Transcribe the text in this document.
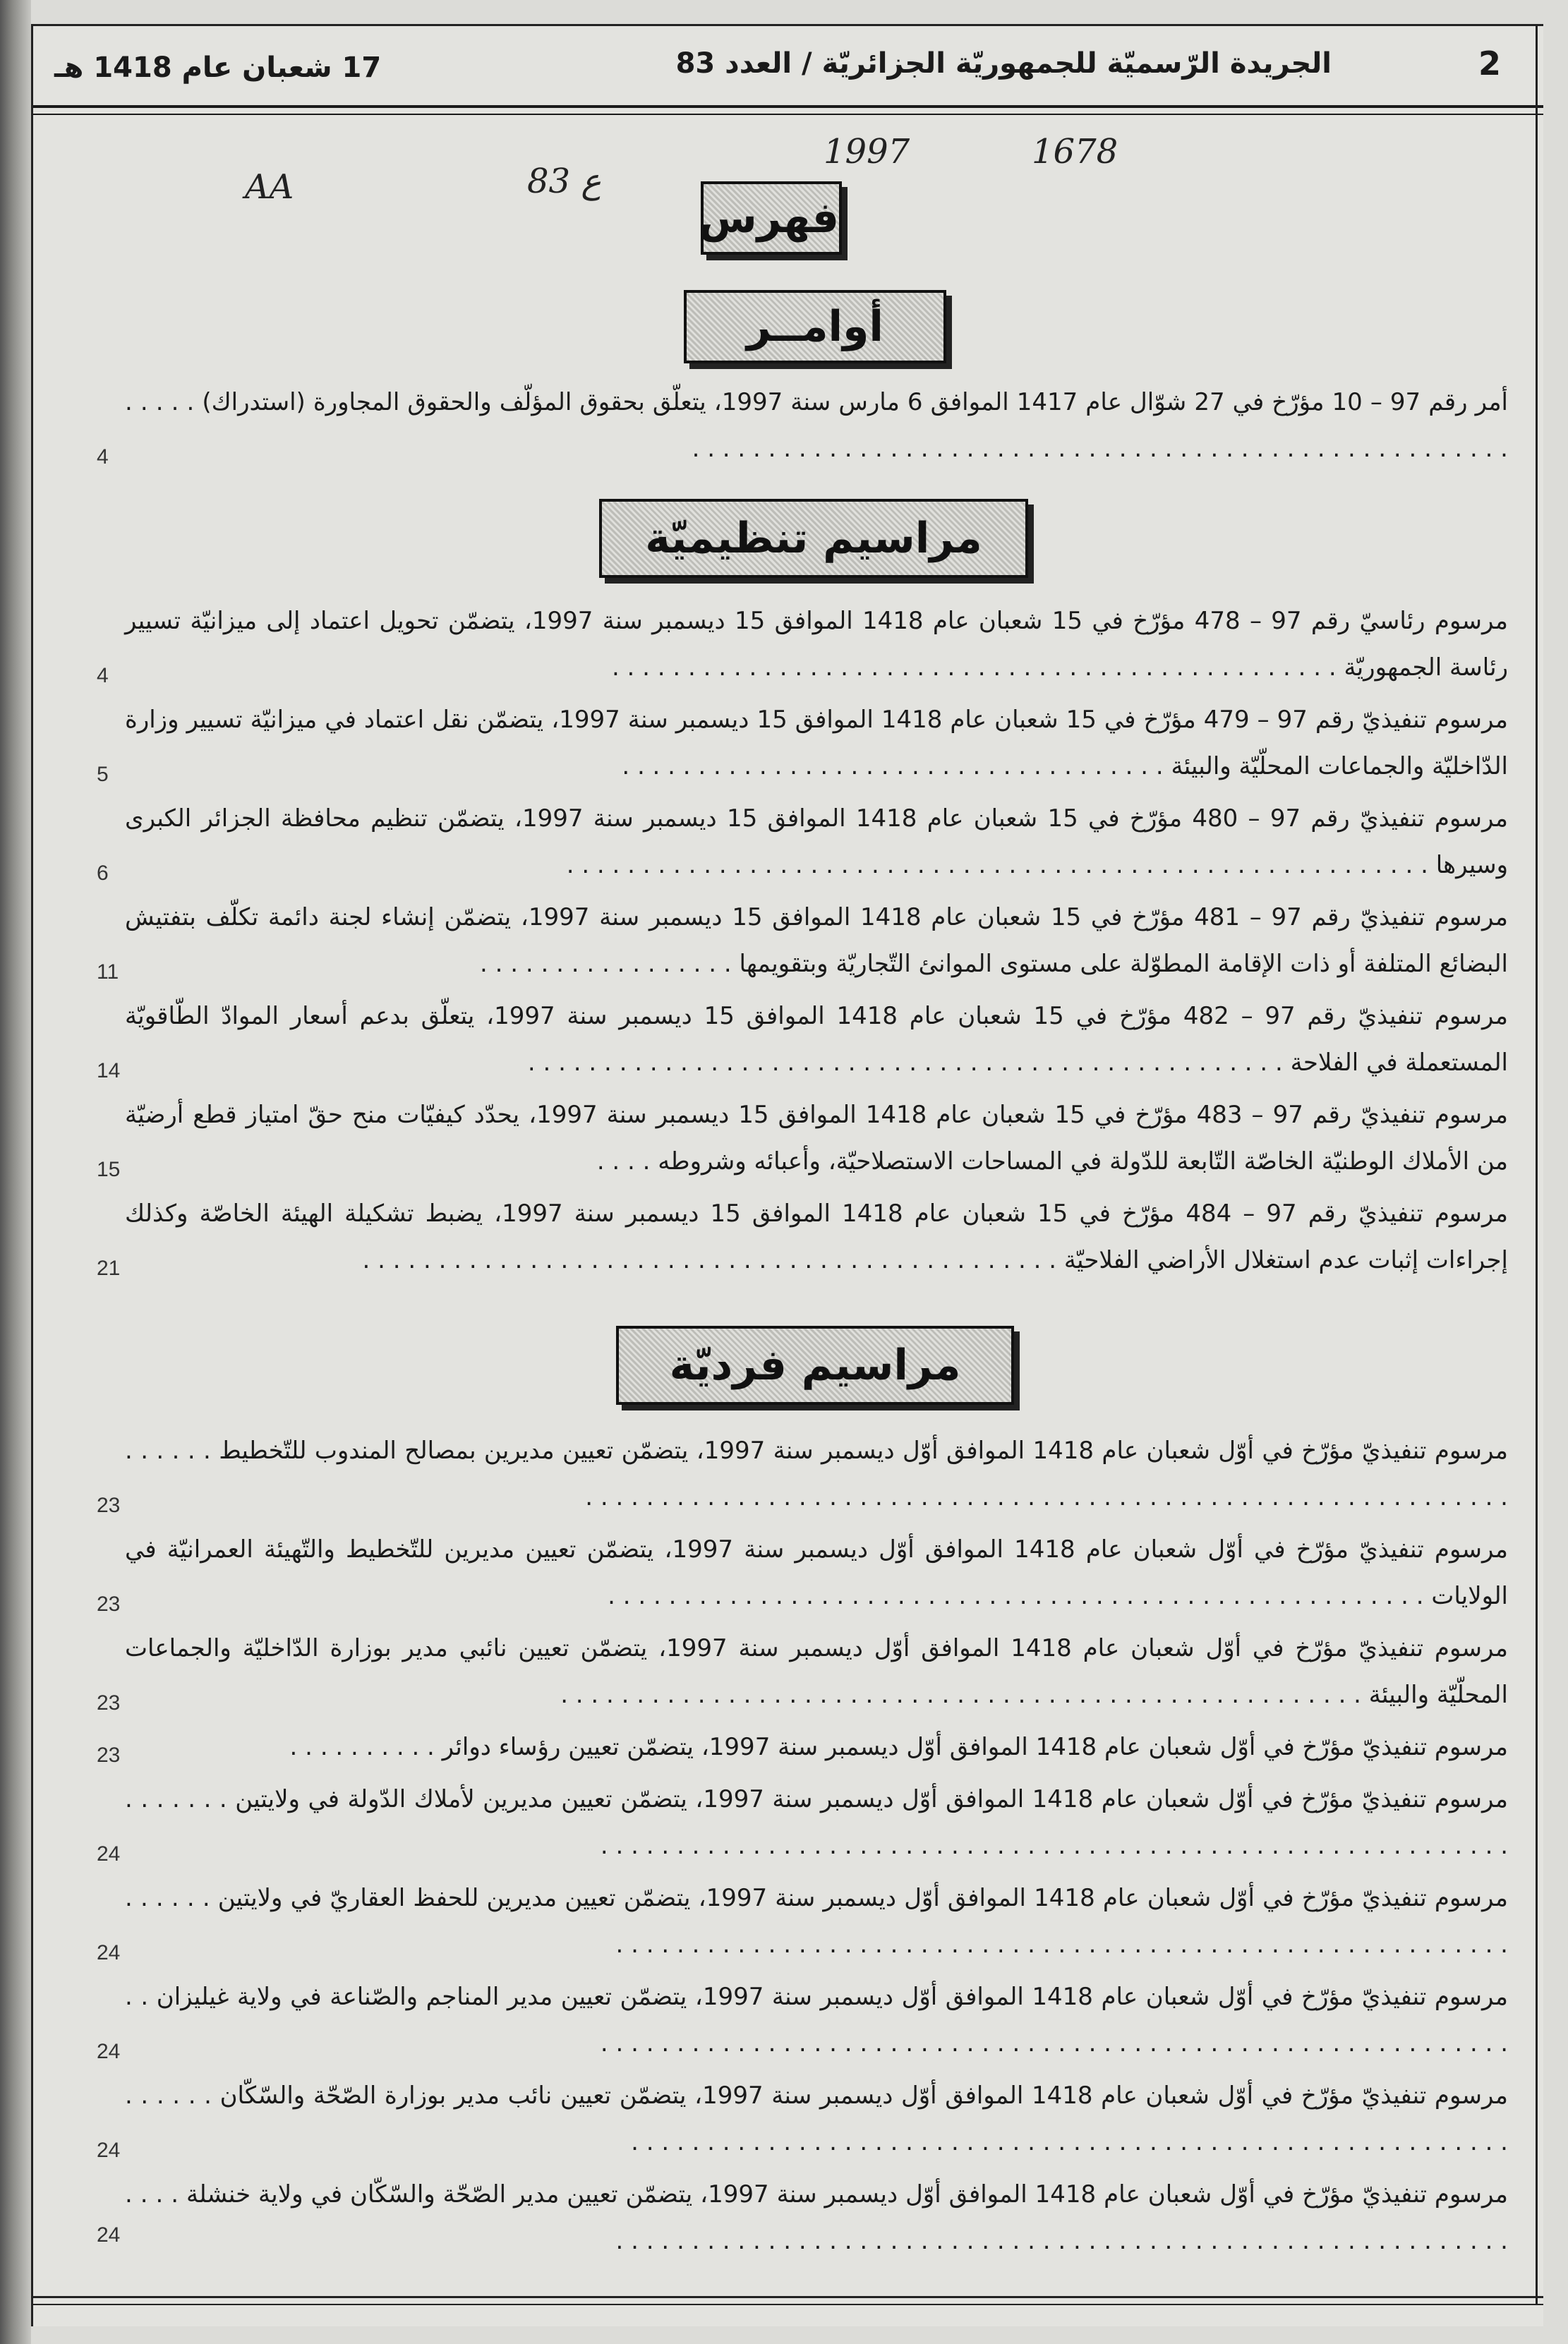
2
الجريدة الرّسميّة للجمهوريّة الجزائريّة / العدد 83
17 شعبان عام 1418 هـ
1678
1997
83 ع
AA
فهرس
أوامــر
مراسيم تنظيميّة
مراسيم فرديّة

أمر رقم 97 – 10 مؤرّخ في 27 شوّال عام 1417 الموافق 6 مارس سنة 1997، يتعلّق بحقوق المؤلّف والحقوق المجاورة (استدراك) . . . . . . . . . . . . . . . . . . . . . . . . . . . . . . . . . . . . . . . . . . . . . . . . . . . . . . . . . . .

4

مرسوم رئاسيّ رقم 97 – 478 مؤرّخ في 15 شعبان عام 1418 الموافق 15 ديسمبر سنة 1997، يتضمّن تحويل اعتماد إلى ميزانيّة تسيير رئاسة الجمهوريّة . . . . . . . . . . . . . . . . . . . . . . . . . . . . . . . . . . . . . . . . . . . . . . . .

4

مرسوم تنفيذيّ رقم 97 – 479 مؤرّخ في 15 شعبان عام 1418 الموافق 15 ديسمبر سنة 1997، يتضمّن نقل اعتماد في ميزانيّة تسيير وزارة الدّاخليّة والجماعات المحلّيّة والبيئة . . . . . . . . . . . . . . . . . . . . . . . . . . . . . . . . . . . .

5

مرسوم تنفيذيّ رقم 97 – 480 مؤرّخ في 15 شعبان عام 1418 الموافق 15 ديسمبر سنة 1997، يتضمّن تنظيم محافظة الجزائر الكبرى وسيرها . . . . . . . . . . . . . . . . . . . . . . . . . . . . . . . . . . . . . . . . . . . . . . . . . . . . . . . . .

6

مرسوم تنفيذيّ رقم 97 – 481 مؤرّخ في 15 شعبان عام 1418 الموافق 15 ديسمبر سنة 1997، يتضمّن إنشاء لجنة دائمة تكلّف بتفتيش البضائع المتلفة أو ذات الإقامة المطوّلة على مستوى الموانئ التّجاريّة وبتقويمها . . . . . . . . . . . . . . . . .

11

مرسوم تنفيذيّ رقم 97 – 482 مؤرّخ في 15 شعبان عام 1418 الموافق 15 ديسمبر سنة 1997، يتعلّق بدعم أسعار الموادّ الطّاقويّة المستعملة في الفلاحة . . . . . . . . . . . . . . . . . . . . . . . . . . . . . . . . . . . . . . . . . . . . . . . . . .

14

مرسوم تنفيذيّ رقم 97 – 483 مؤرّخ في 15 شعبان عام 1418 الموافق 15 ديسمبر سنة 1997، يحدّد كيفيّات منح حقّ امتياز قطع أرضيّة من الأملاك الوطنيّة الخاصّة التّابعة للدّولة في المساحات الاستصلاحيّة، وأعبائه وشروطه . . . .

15

مرسوم تنفيذيّ رقم 97 – 484 مؤرّخ في 15 شعبان عام 1418 الموافق 15 ديسمبر سنة 1997، يضبط تشكيلة الهيئة الخاصّة وكذلك إجراءات إثبات عدم استغلال الأراضي الفلاحيّة . . . . . . . . . . . . . . . . . . . . . . . . . . . . . . . . . . . . . . . . . . . . . .

21

مرسوم تنفيذيّ مؤرّخ في أوّل شعبان عام 1418 الموافق أوّل ديسمبر سنة 1997، يتضمّن تعيين مديرين بمصالح المندوب للتّخطيط . . . . . . . . . . . . . . . . . . . . . . . . . . . . . . . . . . . . . . . . . . . . . . . . . . . . . . . . . . . . . . . . . . .

23

مرسوم تنفيذيّ مؤرّخ في أوّل شعبان عام 1418 الموافق أوّل ديسمبر سنة 1997، يتضمّن تعيين مديرين للتّخطيط والتّهيئة العمرانيّة في الولايات . . . . . . . . . . . . . . . . . . . . . . . . . . . . . . . . . . . . . . . . . . . . . . . . . . . . . .

23

مرسوم تنفيذيّ مؤرّخ في أوّل شعبان عام 1418 الموافق أوّل ديسمبر سنة 1997، يتضمّن تعيين نائبي مدير بوزارة الدّاخليّة والجماعات المحلّيّة والبيئة . . . . . . . . . . . . . . . . . . . . . . . . . . . . . . . . . . . . . . . . . . . . . . . . . . . . .

23

مرسوم تنفيذيّ مؤرّخ في أوّل شعبان عام 1418 الموافق أوّل ديسمبر سنة 1997، يتضمّن تعيين رؤساء دوائر . . . . . . . . . .

23

مرسوم تنفيذيّ مؤرّخ في أوّل شعبان عام 1418 الموافق أوّل ديسمبر سنة 1997، يتضمّن تعيين مديرين لأملاك الدّولة في ولايتين . . . . . . . . . . . . . . . . . . . . . . . . . . . . . . . . . . . . . . . . . . . . . . . . . . . . . . . . . . . . . . . . . . .

24

مرسوم تنفيذيّ مؤرّخ في أوّل شعبان عام 1418 الموافق أوّل ديسمبر سنة 1997، يتضمّن تعيين مديرين للحفظ العقاريّ في ولايتين . . . . . . . . . . . . . . . . . . . . . . . . . . . . . . . . . . . . . . . . . . . . . . . . . . . . . . . . . . . . . . . . .

24

مرسوم تنفيذيّ مؤرّخ في أوّل شعبان عام 1418 الموافق أوّل ديسمبر سنة 1997، يتضمّن تعيين مدير المناجم والصّناعة في ولاية غيليزان . . . . . . . . . . . . . . . . . . . . . . . . . . . . . . . . . . . . . . . . . . . . . . . . . . . . . . . . . . . . . .

24

مرسوم تنفيذيّ مؤرّخ في أوّل شعبان عام 1418 الموافق أوّل ديسمبر سنة 1997، يتضمّن تعيين نائب مدير بوزارة الصّحّة والسّكّان . . . . . . . . . . . . . . . . . . . . . . . . . . . . . . . . . . . . . . . . . . . . . . . . . . . . . . . . . . . . . . . .

24

مرسوم تنفيذيّ مؤرّخ في أوّل شعبان عام 1418 الموافق أوّل ديسمبر سنة 1997، يتضمّن تعيين مدير الصّحّة والسّكّان في ولاية خنشلة . . . . . . . . . . . . . . . . . . . . . . . . . . . . . . . . . . . . . . . . . . . . . . . . . . . . . . . . . . . . . . .

24
